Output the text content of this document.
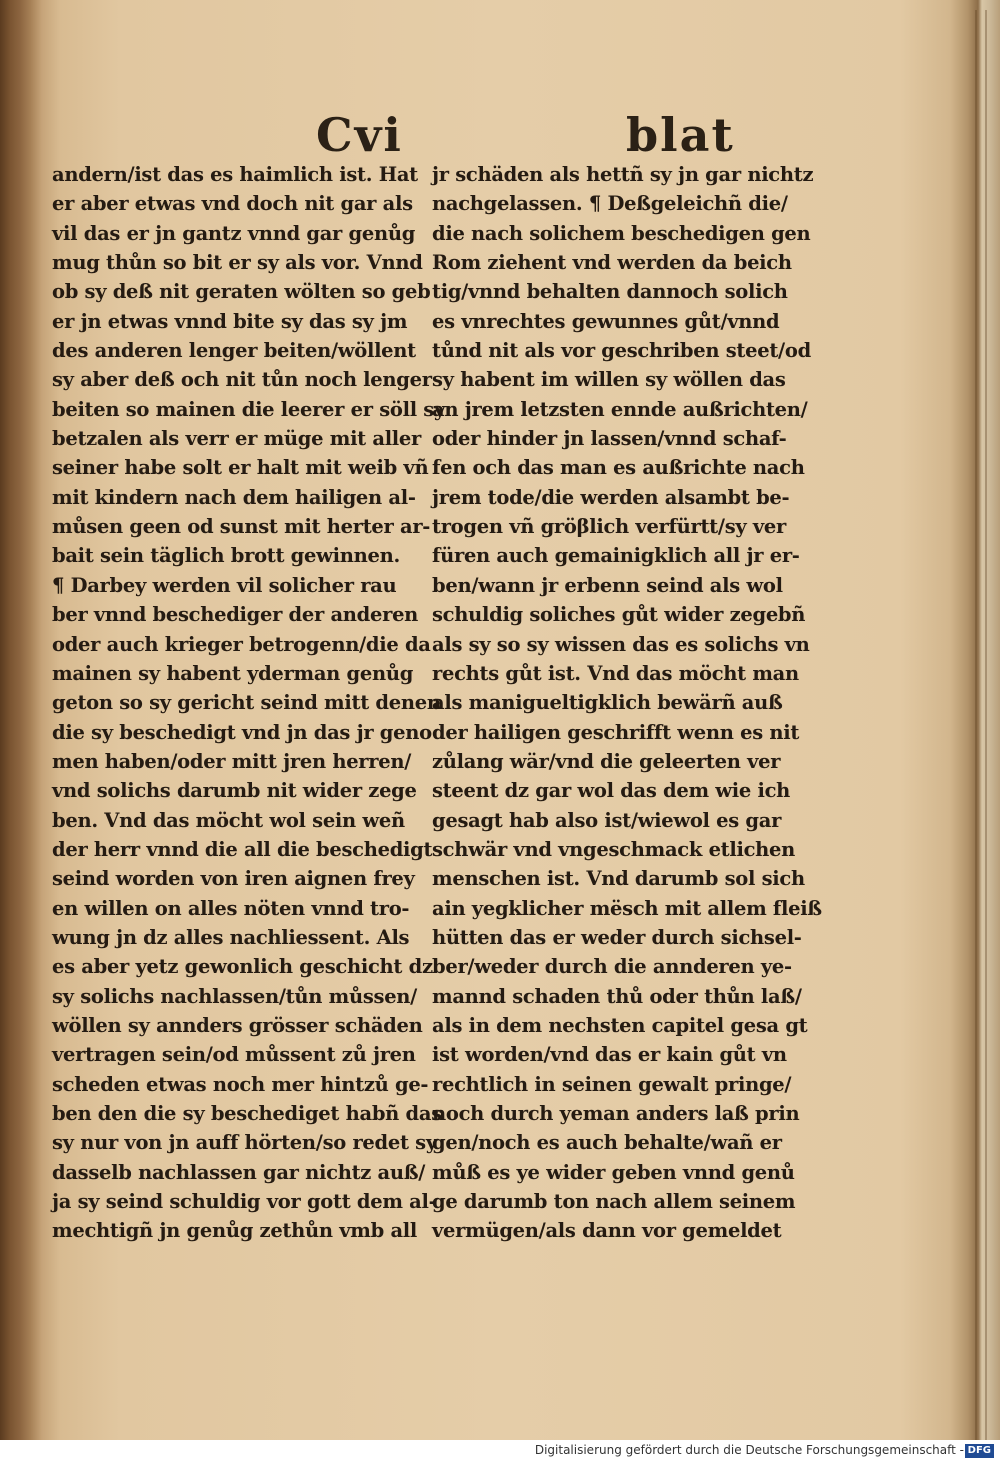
Cvi	blat
andern/ist das es haimlich ist. Hat
er aber etwas vnd doch nit gar als
vil das er jn gantz vnnd gar genůg
mug thůn so bit er sy als vor. Vnnd
ob sy deß nit geraten wölten so geb
er jn etwas vnnd bite sy das sy jm
des anderen lenger beiten/wöllent
sy aber deß och nit tůn noch lenger
beiten so mainen die leerer er söll sy
betzalen als verr er müge mit aller
seiner habe solt er halt mit weib vñ
mit kindern nach dem hailigen al-
můsen geen od sunst mit herter ar-
bait sein täglich brott gewinnen.
¶ Darbey werden vil solicher rau
ber vnnd beschediger der anderen
oder auch krieger betrogenn/die da
mainen sy habent yderman genůg
geton so sy gericht seind mitt denen
die sy beschedigt vnd jn das jr geno
men haben/oder mitt jren herren/
vnd solichs darumb nit wider zege
ben. Vnd das möcht wol sein weñ
der herr vnnd die all die beschedigt
seind worden von iren aignen frey
en willen on alles nöten vnnd tro-
wung jn dz alles nachliessent. Als
es aber yetz gewonlich geschicht dz
sy solichs nachlassen/tůn můssen/
wöllen sy annders grösser schäden
vertragen sein/od můssent zů jren
scheden etwas noch mer hintzů ge-
ben den die sy beschediget habñ das
sy nur von jn auff hörten/so redet sy
dasselb nachlassen gar nichtz auß/
ja sy seind schuldig vor gott dem al-
mechtigñ jn genůg zethůn vmb all
jr schäden als hettñ sy jn gar nichtz
nachgelassen. ¶ Deßgeleichñ die/
die nach solichem beschedigen gen
Rom ziehent vnd werden da beich
tig/vnnd behalten dannoch solich
es vnrechtes gewunnes gůt/vnnd
tůnd nit als vor geschriben steet/od
sy habent im willen sy wöllen das
an jrem letzsten ennde außrichten/
oder hinder jn lassen/vnnd schaf-
fen och das man es außrichte nach
jrem tode/die werden alsambt be-
trogen vñ gröβlich verfürtt/sy ver
füren auch gemainigklich all jr er-
ben/wann jr erbenn seind als wol
schuldig soliches gůt wider zegebñ
als sy so sy wissen das es solichs vn
rechts gůt ist. Vnd das möcht man
als manigueltigklich bewärñ auß
der hailigen geschrifft wenn es nit
zůlang wär/vnd die geleerten ver
steent dz gar wol das dem wie ich
gesagt hab also ist/wiewol es gar
schwär vnd vngeschmack etlichen
menschen ist. Vnd darumb sol sich
ain yegklicher mësch mit allem fleiß
hütten das er weder durch sichsel-
ber/weder durch die annderen ye-
mannd schaden thů oder thůn laß/
als in dem nechsten capitel gesa gt
ist worden/vnd das er kain gůt vn
rechtlich in seinen gewalt pringe/
noch durch yeman anders laß prin
gen/noch es auch behalte/wañ er
můß es ye wider geben vnnd genů
ge darumb ton nach allem seinem
vermügen/als dann vor gemeldet
Digitalisierung gefördert durch die Deutsche Forschungsgemeinschaft - DFG
